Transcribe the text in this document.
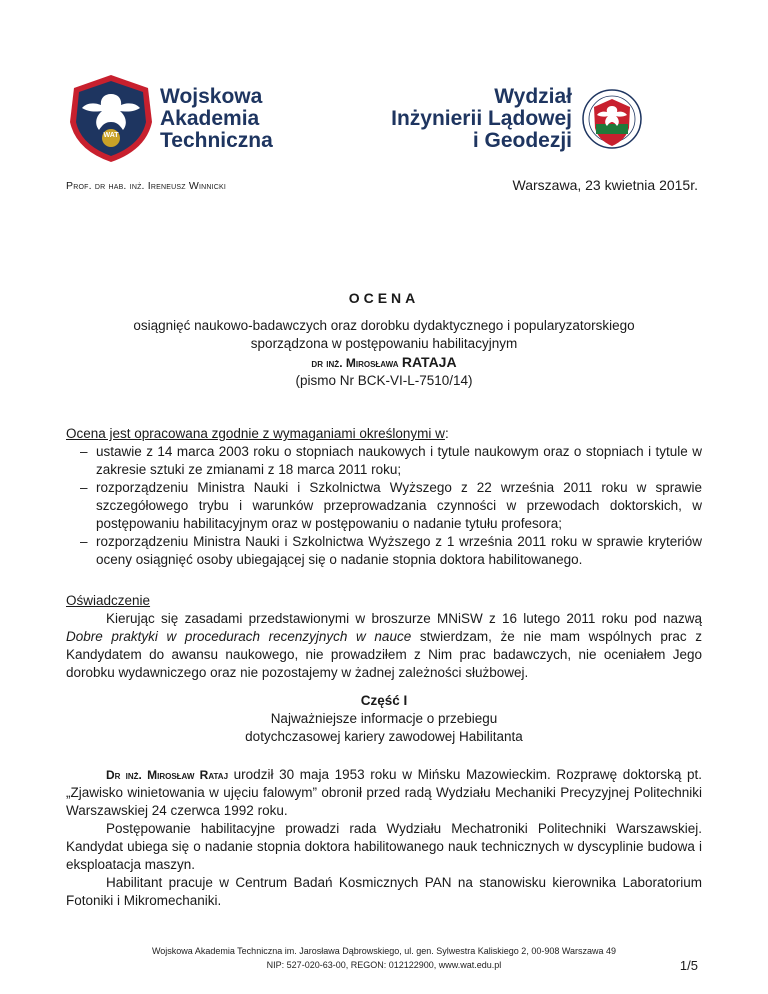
WAT
Wojskowa
Akademia
Techniczna
Wydział
Inżynierii Lądowej
i Geodezji
Prof. dr hab. inż. Ireneusz Winnicki	Warszawa, 23 kwietnia 2015r.
OCENA
osiągnięć naukowo-badawczych oraz dorobku dydaktycznego i popularyzatorskiego
sporządzona w postępowaniu habilitacyjnym
dr inż. Mirosława RATAJA
(pismo Nr BCK-VI-L-7510/14)
Ocena jest opracowana zgodnie z wymaganiami określonymi w:
– ustawie z 14 marca 2003 roku o stopniach naukowych i tytule naukowym oraz o stopniach i tytule w zakresie sztuki ze zmianami z 18 marca 2011 roku;
– rozporządzeniu Ministra Nauki i Szkolnictwa Wyższego z 22 września 2011 roku w sprawie szczegółowego trybu i warunków przeprowadzania czynności w przewodach doktorskich, w postępowaniu habilitacyjnym oraz w postępowaniu o nadanie tytułu profesora;
– rozporządzeniu Ministra Nauki i Szkolnictwa Wyższego z 1 września 2011 roku w sprawie kryteriów oceny osiągnięć osoby ubiegającej się o nadanie stopnia doktora habilitowanego.
Oświadczenie
Kierując się zasadami przedstawionymi w broszurze MNiSW z 16 lutego 2011 roku pod nazwą Dobre praktyki w procedurach recenzyjnych w nauce stwierdzam, że nie mam wspólnych prac z Kandydatem do awansu naukowego, nie prowadziłem z Nim prac badawczych, nie oceniałem Jego dorobku wydawniczego oraz nie pozostajemy w żadnej zależności służbowej.
Część I
Najważniejsze informacje o przebiegu
dotychczasowej kariery zawodowej Habilitanta
Dr inż. Mirosław Rataj urodził 30 maja 1953 roku w Mińsku Mazowieckim. Rozprawę doktorską pt. „Zjawisko winietowania w ujęciu falowym” obronił przed radą Wydziału Mechaniki Precyzyjnej Politechniki Warszawskiej 24 czerwca 1992 roku.
Postępowanie habilitacyjne prowadzi rada Wydziału Mechatroniki Politechniki Warszawskiej. Kandydat ubiega się o nadanie stopnia doktora habilitowanego nauk technicznych w dyscyplinie budowa i eksploatacja maszyn.
Habilitant pracuje w Centrum Badań Kosmicznych PAN na stanowisku kierownika Laboratorium Fotoniki i Mikromechaniki.
Wojskowa Akademia Techniczna im. Jarosława Dąbrowskiego, ul. gen. Sylwestra Kaliskiego 2, 00-908 Warszawa 49
NIP: 527-020-63-00, REGON: 012122900, www.wat.edu.pl	1/5
